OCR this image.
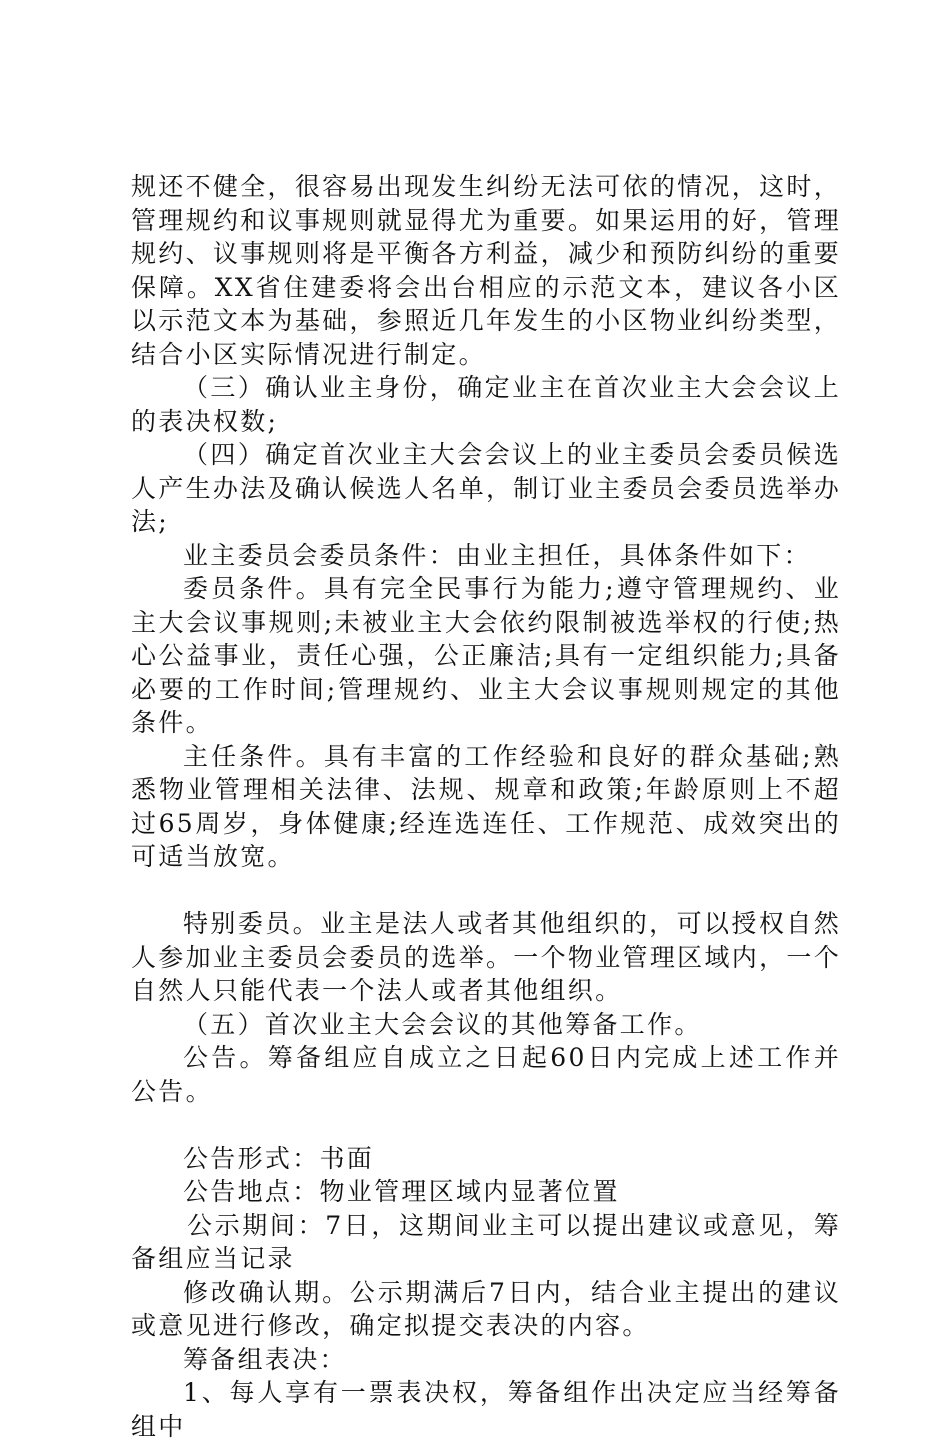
规还不健全，很容易出现发生纠纷无法可依的情况，这时，管理规约和议事规则就显得尤为重要。如果运用的好，管理规约、议事规则将是平衡各方利益，减少和预防纠纷的重要保障。XX省住建委将会出台相应的示范文本，建议各小区以示范文本为基础，参照近几年发生的小区物业纠纷类型，结合小区实际情况进行制定。

（三）确认业主身份，确定业主在首次业主大会会议上的表决权数;

（四）确定首次业主大会会议上的业主委员会委员候选人产生办法及确认候选人名单，制订业主委员会委员选举办法;

业主委员会委员条件：由业主担任，具体条件如下：

委员条件。具有完全民事行为能力;遵守管理规约、业主大会议事规则;未被业主大会依约限制被选举权的行使;热心公益事业，责任心强，公正廉洁;具有一定组织能力;具备必要的工作时间;管理规约、业主大会议事规则规定的其他条件。

主任条件。具有丰富的工作经验和良好的群众基础;熟悉物业管理相关法律、法规、规章和政策;年龄原则上不超过65周岁，身体健康;经连选连任、工作规范、成效突出的可适当放宽。

特别委员。业主是法人或者其他组织的，可以授权自然人参加业主委员会委员的选举。一个物业管理区域内，一个自然人只能代表一个法人或者其他组织。

（五）首次业主大会会议的其他筹备工作。

公告。筹备组应自成立之日起60日内完成上述工作并公告。

公告形式：书面

公告地点：物业管理区域内显著位置

公示期间：7日，这期间业主可以提出建议或意见，筹备组应当记录

修改确认期。公示期满后7日内，结合业主提出的建议或意见进行修改，确定拟提交表决的内容。

筹备组表决：

1、每人享有一票表决权，筹备组作出决定应当经筹备组中
